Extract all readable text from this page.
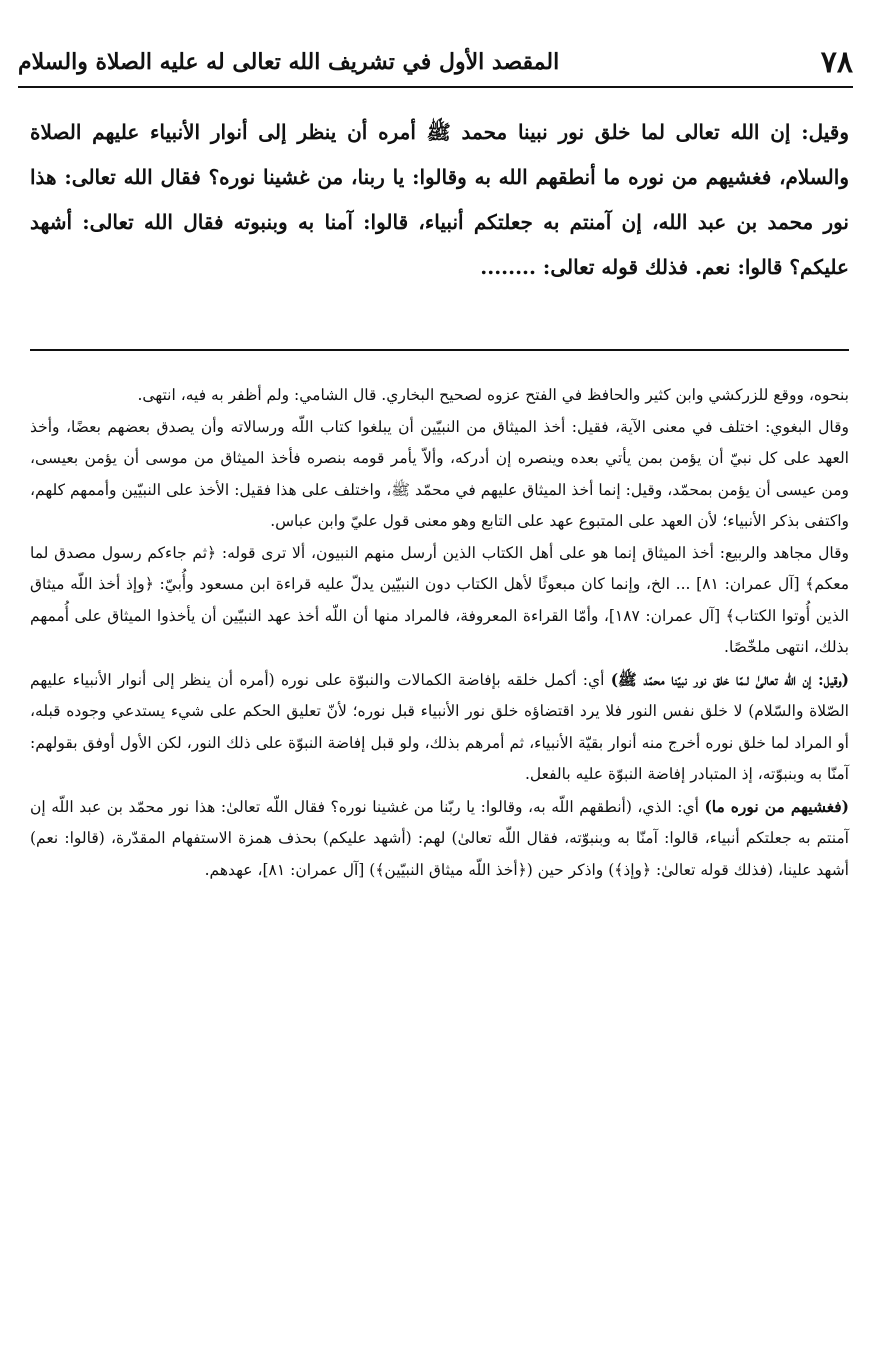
٧٨
المقصد الأول في تشريف الله تعالى له عليه الصلاة والسلام

وقيل: إن الله تعالى لما خلق نور نبينا محمد ﷺ أمره أن ينظر إلى أنوار الأنبياء عليهم الصلاة والسلام، فغشيهم من نوره ما أنطقهم الله به وقالوا: يا ربنا، من غشينا نوره؟ فقال الله تعالى: هذا نور محمد بن عبد الله، إن آمنتم به جعلتكم أنبياء، قالوا: آمنا به وبنبوته فقال الله تعالى: أشهد عليكم؟ قالوا: نعم. فذلك قوله تعالى: ........

بنحوه، ووقع للزركشي وابن كثير والحافظ في الفتح عزوه لصحيح البخاري. قال الشامي: ولم أظفر به فيه، انتهى.

وقال البغوي: اختلف في معنى الآية، فقيل: أخذ الميثاق من النبيّين أن يبلغوا كتاب اللّه ورسالاته وأن يصدق بعضهم بعضًا، وأخذ العهد على كل نبيّ أن يؤمن بمن يأتي بعده وينصره إن أدركه، وألاّ يأمر قومه بنصره فأخذ الميثاق من موسى أن يؤمن بعيسى، ومن عيسى أن يؤمن بمحمّد، وقيل: إنما أخذ الميثاق عليهم في محمّد ﷺ، واختلف على هذا فقيل: الأخذ على النبيّين وأممهم كلهم، واكتفى بذكر الأنبياء؛ لأن العهد على المتبوع عهد على التابع وهو معنى قول عليّ وابن عباس.

وقال مجاهد والربيع: أخذ الميثاق إنما هو على أهل الكتاب الذين أرسل منهم النبيون، ألا ترى قوله: ﴿ثم جاءكم رسول مصدق لما معكم﴾ [آل عمران: ٨١] ... الخ، وإنما كان مبعوثًا لأهل الكتاب دون النبيّين يدلّ عليه قراءة ابن مسعود وأُبيّ: ﴿وإذ أخذ اللّه ميثاق الذين أُوتوا الكتاب﴾ [آل عمران: ١٨٧]، وأمّا القراءة المعروفة، فالمراد منها أن اللّه أخذ عهد النبيّين أن يأخذوا الميثاق على أُممهم بذلك، انتهى ملخّصًا.

(وقيل: إن اللّه تعالىٰ لـمّا خلق نور نبيّنا محمّد ﷺ) أي: أكمل خلقه بإفاضة الكمالات والنبوّة على نوره (أمره أن ينظر إلى أنوار الأنبياء عليهم الصّلاة والسّلام) لا خلق نفس النور فلا يرد اقتضاؤه خلق نور الأنبياء قبل نوره؛ لأنّ تعليق الحكم على شيء يستدعي وجوده قبله، أو المراد لما خلق نوره أخرج منه أنوار بقيّة الأنبياء، ثم أمرهم بذلك، ولو قبل إفاضة النبوّة على ذلك النور، لكن الأول أوفق بقولهم: آمنّا به وبنبوّته، إذ المتبادر إفاضة النبوّة عليه بالفعل.

(فغشيهم من نوره ما) أي: الذي، (أنطقهم اللّه به، وقالوا: يا ربّنا من غشينا نوره؟ فقال اللّه تعالىٰ: هذا نور محمّد بن عبد اللّه إن آمنتم به جعلتكم أنبياء، قالوا: آمنّا به وبنبوّته، فقال اللّه تعالىٰ) لهم: (أشهد عليكم) بحذف همزة الاستفهام المقدّرة، (قالوا: نعم) أشهد علينا، (فذلك قوله تعالىٰ: ﴿وإذ﴾) واذكر حين (﴿أخذ اللّه ميثاق النبيّين﴾) [آل عمران: ٨١]، عهدهم.
